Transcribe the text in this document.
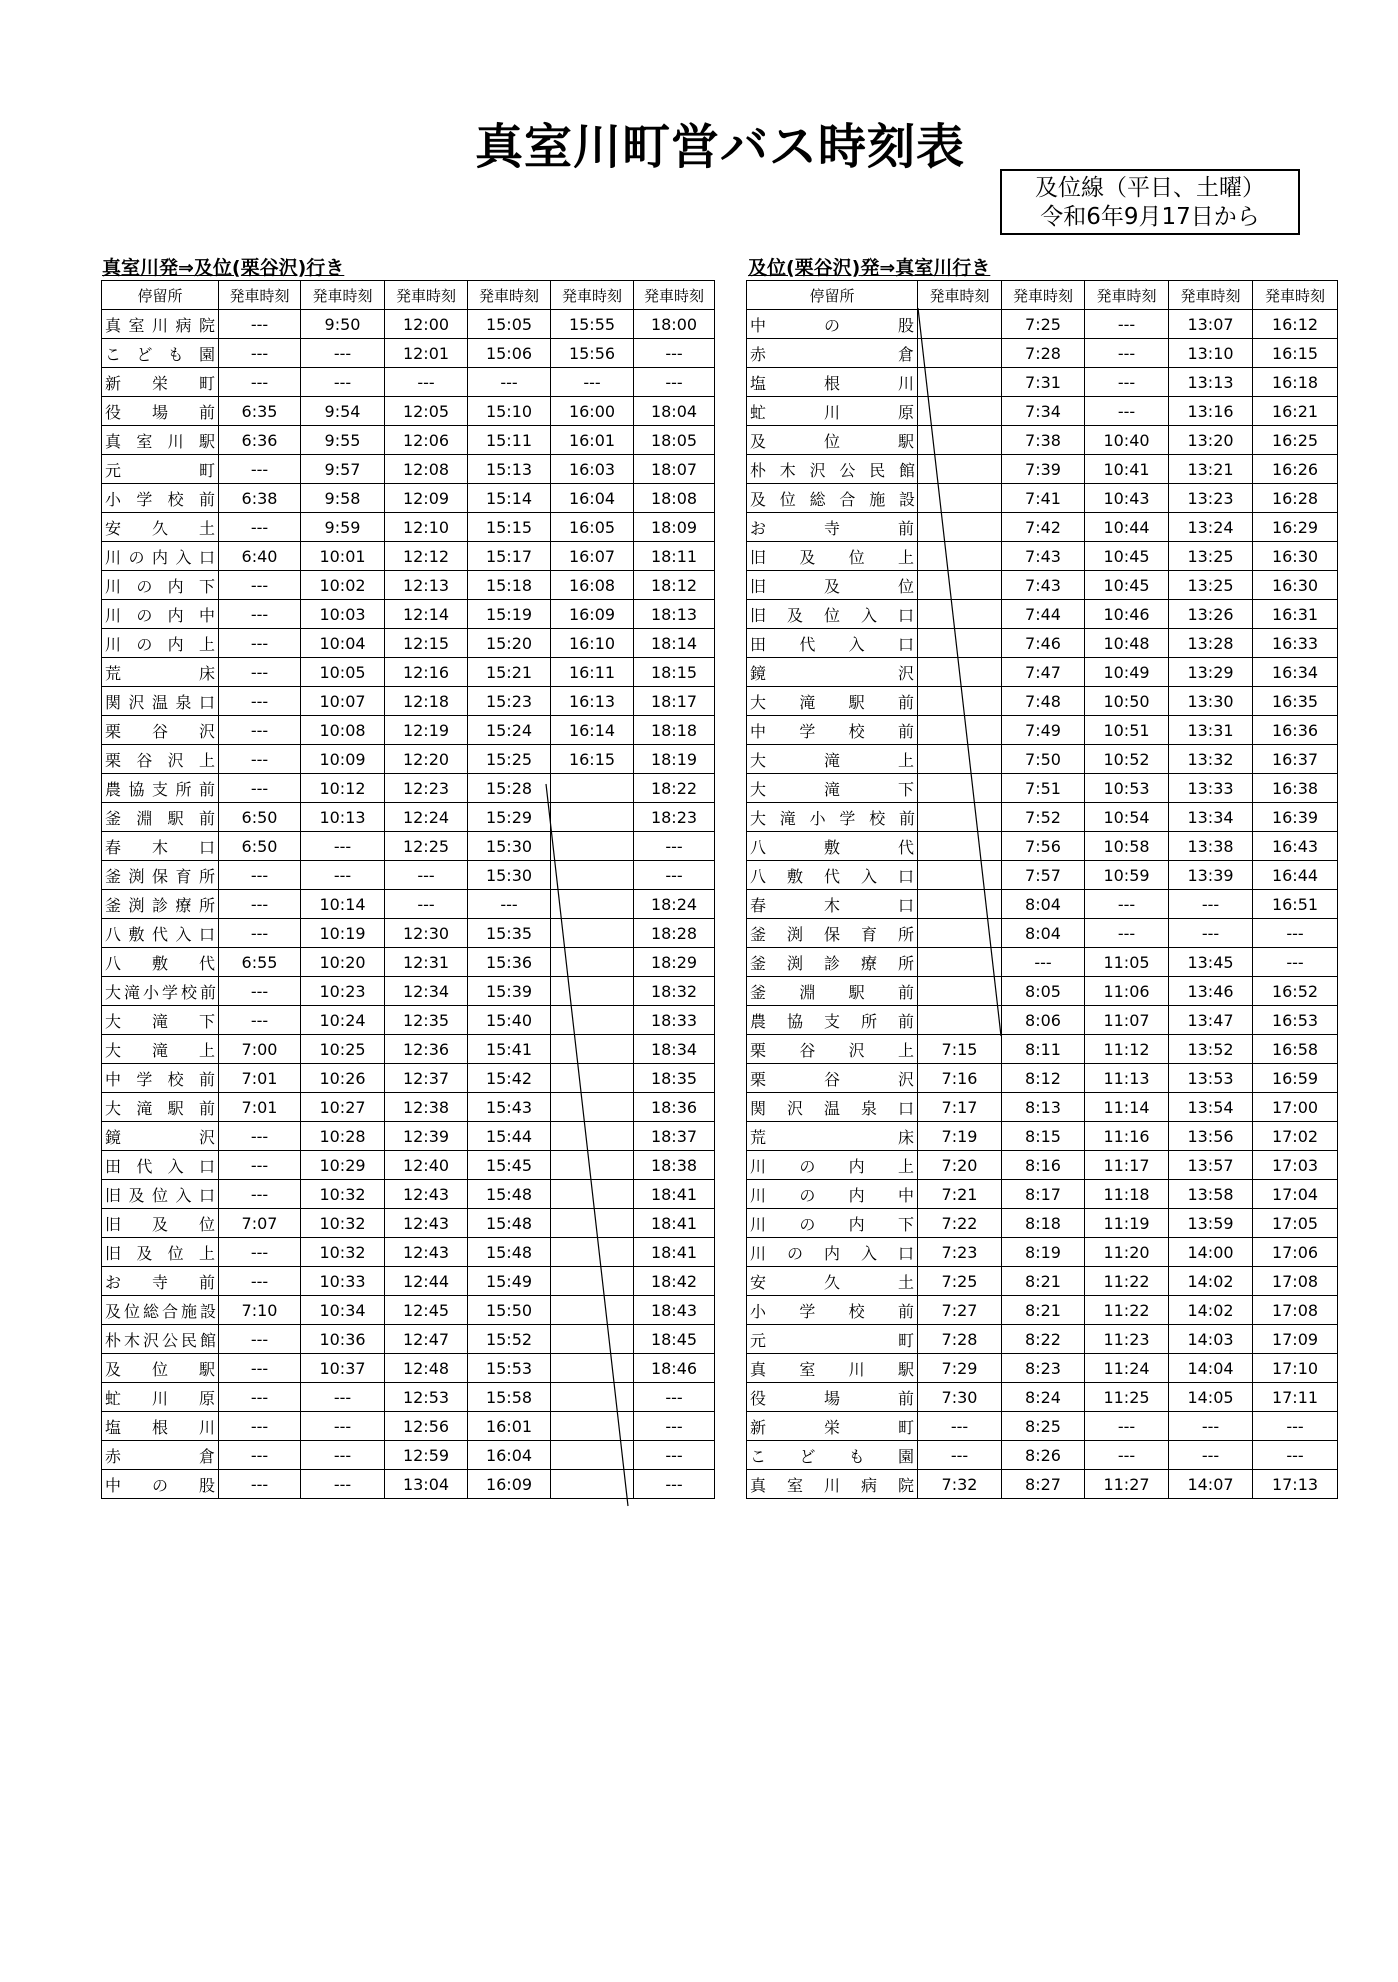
真室川町営バス時刻表
及位線（平日、土曜）
令和6年9月17日から
真室川発⇒及位(栗谷沢)行き	及位(栗谷沢)発⇒真室川行き
停留所	発車時刻	発車時刻	発車時刻	発車時刻	発車時刻	発車時刻
真室川病院	---	9:50	12:00	15:05	15:55	18:00
こども園	---	---	12:01	15:06	15:56	---
新栄町	---	---	---	---	---	---
役場前	6:35	9:54	12:05	15:10	16:00	18:04
真室川駅	6:36	9:55	12:06	15:11	16:01	18:05
元町	---	9:57	12:08	15:13	16:03	18:07
小学校前	6:38	9:58	12:09	15:14	16:04	18:08
安久土	---	9:59	12:10	15:15	16:05	18:09
川の内入口	6:40	10:01	12:12	15:17	16:07	18:11
川の内下	---	10:02	12:13	15:18	16:08	18:12
川の内中	---	10:03	12:14	15:19	16:09	18:13
川の内上	---	10:04	12:15	15:20	16:10	18:14
荒床	---	10:05	12:16	15:21	16:11	18:15
関沢温泉口	---	10:07	12:18	15:23	16:13	18:17
栗谷沢	---	10:08	12:19	15:24	16:14	18:18
栗谷沢上	---	10:09	12:20	15:25	16:15	18:19
農協支所前	---	10:12	12:23	15:28		18:22
釜淵駅前	6:50	10:13	12:24	15:29		18:23
春木口	6:50	---	12:25	15:30		---
釜渕保育所	---	---	---	15:30		---
釜渕診療所	---	10:14	---	---		18:24
八敷代入口	---	10:19	12:30	15:35		18:28
八敷代	6:55	10:20	12:31	15:36		18:29
大滝小学校前	---	10:23	12:34	15:39		18:32
大滝下	---	10:24	12:35	15:40		18:33
大滝上	7:00	10:25	12:36	15:41		18:34
中学校前	7:01	10:26	12:37	15:42		18:35
大滝駅前	7:01	10:27	12:38	15:43		18:36
鏡沢	---	10:28	12:39	15:44		18:37
田代入口	---	10:29	12:40	15:45		18:38
旧及位入口	---	10:32	12:43	15:48		18:41
旧及位	7:07	10:32	12:43	15:48		18:41
旧及位上	---	10:32	12:43	15:48		18:41
お寺前	---	10:33	12:44	15:49		18:42
及位総合施設	7:10	10:34	12:45	15:50		18:43
朴木沢公民館	---	10:36	12:47	15:52		18:45
及位駅	---	10:37	12:48	15:53		18:46
虻川原	---	---	12:53	15:58		---
塩根川	---	---	12:56	16:01		---
赤倉	---	---	12:59	16:04		---
中の股	---	---	13:04	16:09		---
停留所	発車時刻	発車時刻	発車時刻	発車時刻	発車時刻
中の股		7:25	---	13:07	16:12
赤倉		7:28	---	13:10	16:15
塩根川		7:31	---	13:13	16:18
虻川原		7:34	---	13:16	16:21
及位駅		7:38	10:40	13:20	16:25
朴木沢公民館		7:39	10:41	13:21	16:26
及位総合施設		7:41	10:43	13:23	16:28
お寺前		7:42	10:44	13:24	16:29
旧及位上		7:43	10:45	13:25	16:30
旧及位		7:43	10:45	13:25	16:30
旧及位入口		7:44	10:46	13:26	16:31
田代入口		7:46	10:48	13:28	16:33
鏡沢		7:47	10:49	13:29	16:34
大滝駅前		7:48	10:50	13:30	16:35
中学校前		7:49	10:51	13:31	16:36
大滝上		7:50	10:52	13:32	16:37
大滝下		7:51	10:53	13:33	16:38
大滝小学校前		7:52	10:54	13:34	16:39
八敷代		7:56	10:58	13:38	16:43
八敷代入口		7:57	10:59	13:39	16:44
春木口		8:04	---	---	16:51
釜渕保育所		8:04	---	---	---
釜渕診療所		---	11:05	13:45	---
釜淵駅前		8:05	11:06	13:46	16:52
農協支所前		8:06	11:07	13:47	16:53
栗谷沢上	7:15	8:11	11:12	13:52	16:58
栗谷沢	7:16	8:12	11:13	13:53	16:59
関沢温泉口	7:17	8:13	11:14	13:54	17:00
荒床	7:19	8:15	11:16	13:56	17:02
川の内上	7:20	8:16	11:17	13:57	17:03
川の内中	7:21	8:17	11:18	13:58	17:04
川の内下	7:22	8:18	11:19	13:59	17:05
川の内入口	7:23	8:19	11:20	14:00	17:06
安久土	7:25	8:21	11:22	14:02	17:08
小学校前	7:27	8:21	11:22	14:02	17:08
元町	7:28	8:22	11:23	14:03	17:09
真室川駅	7:29	8:23	11:24	14:04	17:10
役場前	7:30	8:24	11:25	14:05	17:11
新栄町	---	8:25	---	---	---
こども園	---	8:26	---	---	---
真室川病院	7:32	8:27	11:27	14:07	17:13
